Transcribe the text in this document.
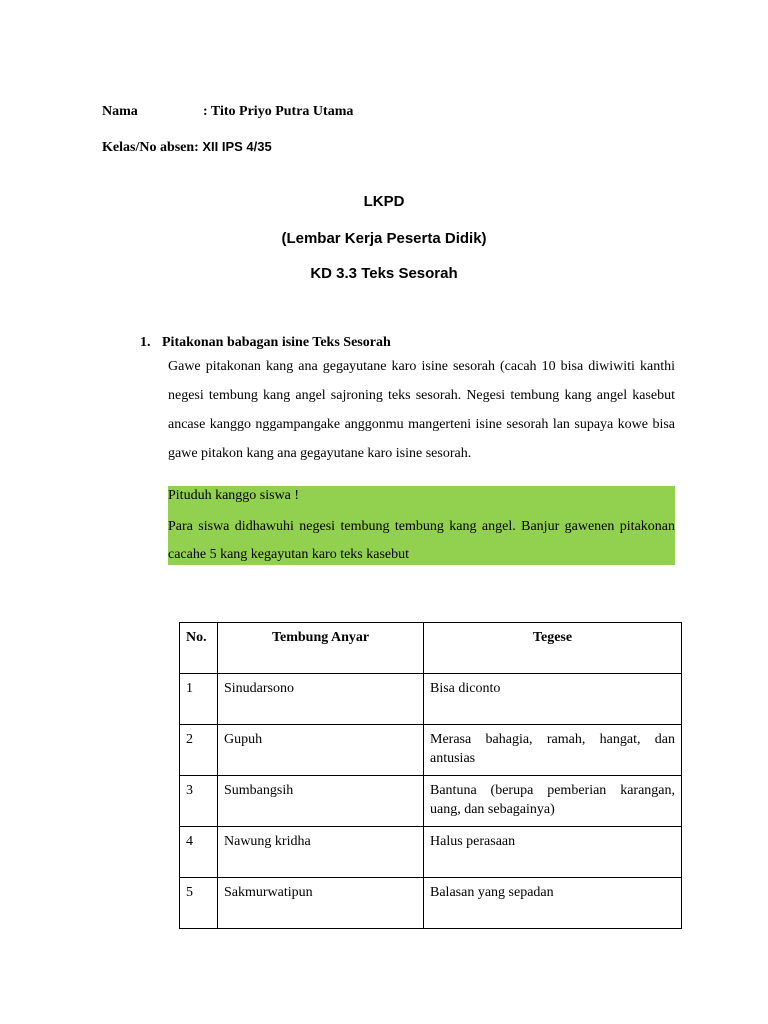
Nama	: Tito Priyo Putra Utama
Kelas/No absen: XII IPS 4/35
LKPD
(Lembar Kerja Peserta Didik)
KD 3.3 Teks Sesorah
1. Pitakonan babagan isine Teks Sesorah
Gawe pitakonan kang ana gegayutane karo isine sesorah (cacah 10 bisa diwiwiti kanthi negesi tembung kang angel sajroning teks sesorah. Negesi tembung kang angel kasebut ancase kanggo nggampangake anggonmu mangerteni isine sesorah lan supaya kowe bisa gawe pitakon kang ana gegayutane karo isine sesorah.

Pituduh kanggo siswa !

Para siswa didhawuhi negesi tembung tembung kang angel. Banjur gawenen pitakonan cacahe 5 kang kegayutan karo teks kasebut

No.	Tembung Anyar	Tegese
1	Sinudarsono	Bisa diconto
2	Gupuh	Merasa bahagia, ramah, hangat, dan antusias
3	Sumbangsih	Bantuna (berupa pemberian karangan, uang, dan sebagainya)
4	Nawung kridha	Halus perasaan
5	Sakmurwatipun	Balasan yang sepadan
